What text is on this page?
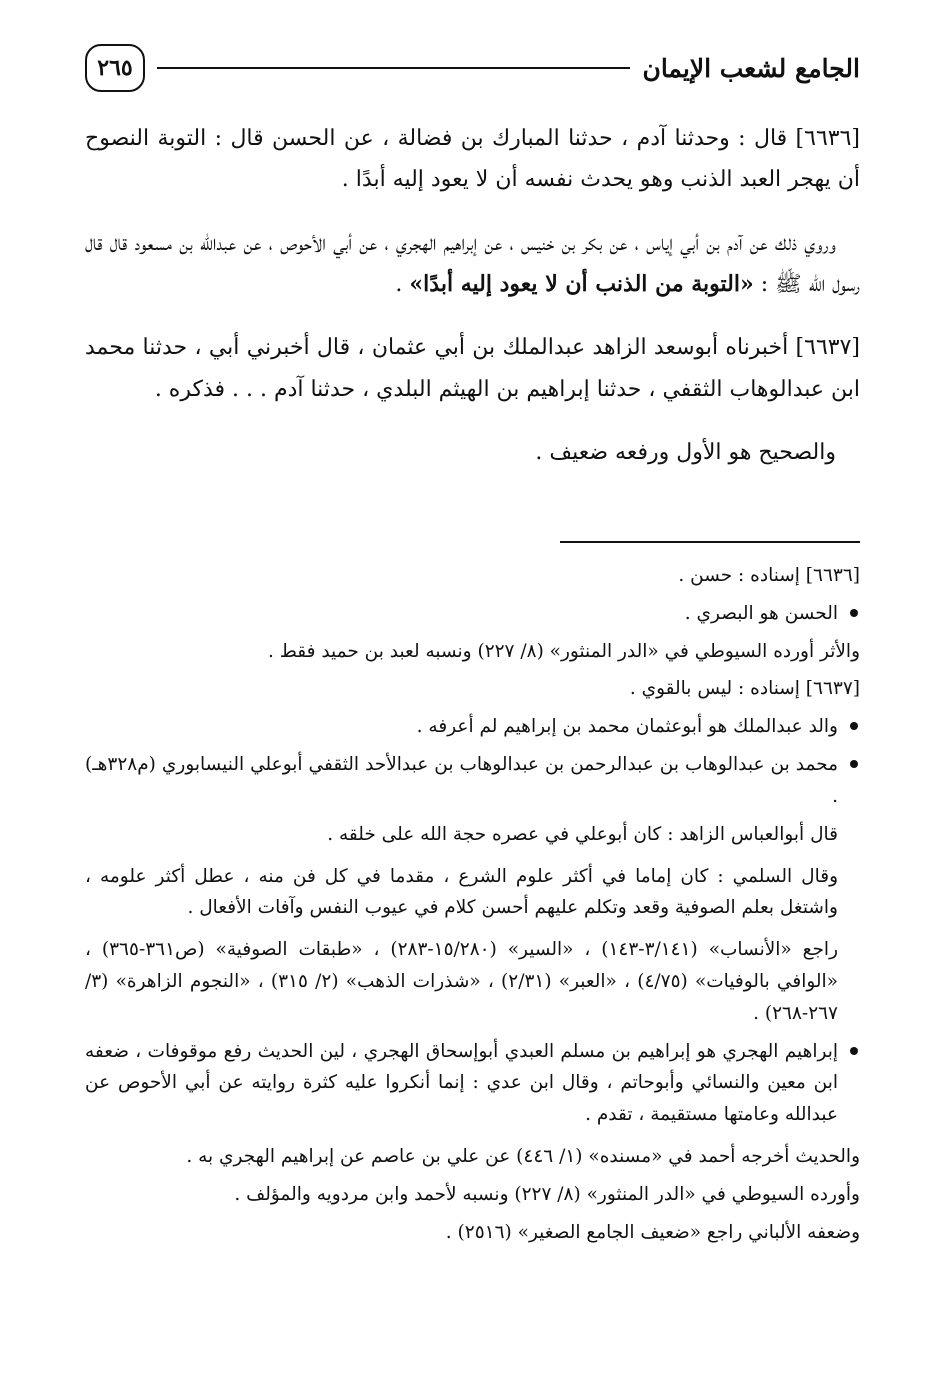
الجامع لشعب الإيمان
٢٦٥

[٦٦٣٦] قال : وحدثنا آدم ، حدثنا المبارك بن فضالة ، عن الحسن قال : التوبة النصوح أن يهجر العبد الذنب وهو يحدث نفسه أن لا يعود إليه أبدًا .

وروي ذلك عن آدم بن أبي إياس ، عن بكر بن خنيس ، عن إبراهيم الهجري ، عن أبي الأحوص ، عن عبدالله بن مسعود قال قال رسول الله ﷺ : «التوبة من الذنب أن لا يعود إليه أبدًا» .

[٦٦٣٧] أخبرناه أبوسعد الزاهد عبدالملك بن أبي عثمان ، قال أخبرني أبي ، حدثنا محمد ابن عبدالوهاب الثقفي ، حدثنا إبراهيم بن الهيثم البلدي ، حدثنا آدم . . . فذكره .

والصحيح هو الأول ورفعه ضعيف .

[٦٦٣٦] إسناده : حسن .

الحسن هو البصري .

والأثر أورده السيوطي في «الدر المنثور» (٨/ ٢٢٧) ونسبه لعبد بن حميد فقط .

[٦٦٣٧] إسناده : ليس بالقوي .

والد عبدالملك هو أبوعثمان محمد بن إبراهيم لم أعرفه .

محمد بن عبدالوهاب بن عبدالرحمن بن عبدالوهاب بن عبدالأحد الثقفي أبوعلي النيسابوري (م٣٢٨هـ) .

قال أبوالعباس الزاهد : كان أبوعلي في عصره حجة الله على خلقه .

وقال السلمي : كان إماما في أكثر علوم الشرع ، مقدما في كل فن منه ، عطل أكثر علومه ، واشتغل بعلم الصوفية وقعد وتكلم عليهم أحسن كلام في عيوب النفس وآفات الأفعال .

راجع «الأنساب» (٣/١٤١-١٤٣) ، «السير» (١٥/٢٨٠-٢٨٣) ، «طبقات الصوفية» (ص٣٦١-٣٦٥) ، «الوافي بالوفيات» (٤/٧٥) ، «العبر» (٢/٣١) ، «شذرات الذهب» (٢/ ٣١٥) ، «النجوم الزاهرة» (٣/ ٢٦٧-٢٦٨) .

إبراهيم الهجري هو إبراهيم بن مسلم العبدي أبوإسحاق الهجري ، لين الحديث رفع موقوفات ، ضعفه ابن معين والنسائي وأبوحاتم ، وقال ابن عدي : إنما أنكروا عليه كثرة روايته عن أبي الأحوص عن عبدالله وعامتها مستقيمة ، تقدم .

والحديث أخرجه أحمد في «مسنده» (١/ ٤٤٦) عن علي بن عاصم عن إبراهيم الهجري به .

وأورده السيوطي في «الدر المنثور» (٨/ ٢٢٧) ونسبه لأحمد وابن مردويه والمؤلف .

وضعفه الألباني راجع «ضعيف الجامع الصغير» (٢٥١٦) .
